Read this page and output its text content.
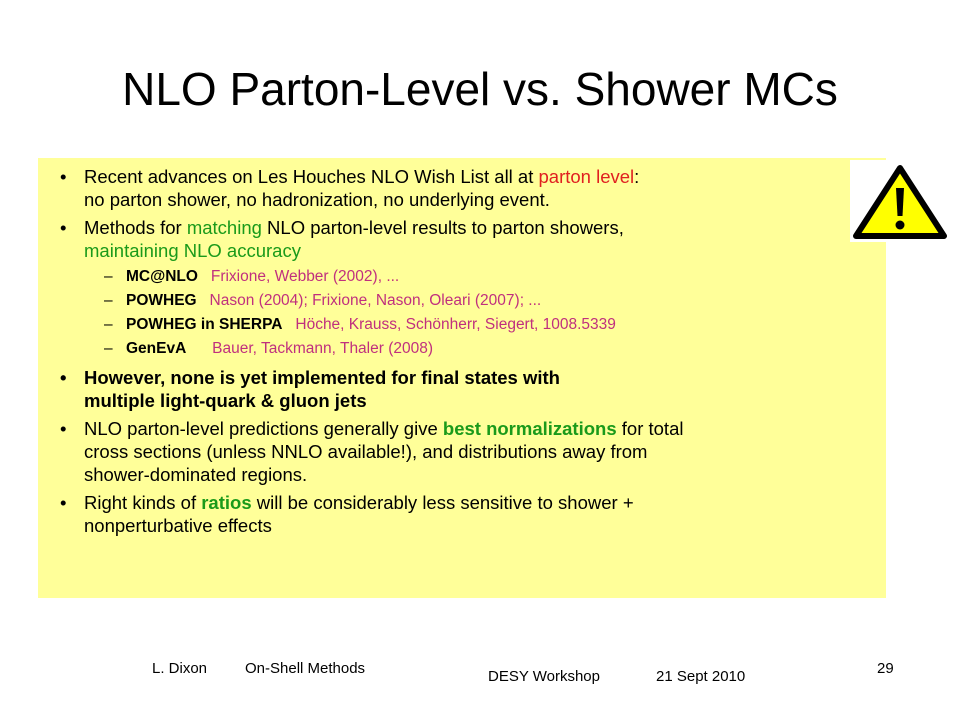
NLO Parton-Level vs. Shower MCs
• Recent advances on Les Houches NLO Wish List all at parton level:
no parton shower, no hadronization, no underlying event.
• Methods for matching NLO parton-level results to parton showers,
maintaining NLO accuracy
– MC@NLO Frixione, Webber (2002), ...
– POWHEG Nason (2004); Frixione, Nason, Oleari (2007); ...
– POWHEG in SHERPA Höche, Krauss, Schönherr, Siegert, 1008.5339
– GenEvA Bauer, Tackmann, Thaler (2008)
• However, none is yet implemented for final states with
multiple light-quark & gluon jets
• NLO parton-level predictions generally give best normalizations for total
cross sections (unless NNLO available!), and distributions away from
shower-dominated regions.
• Right kinds of ratios will be considerably less sensitive to shower +
nonperturbative effects
L. Dixon	On-Shell Methods	DESY Workshop	21 Sept 2010	29
